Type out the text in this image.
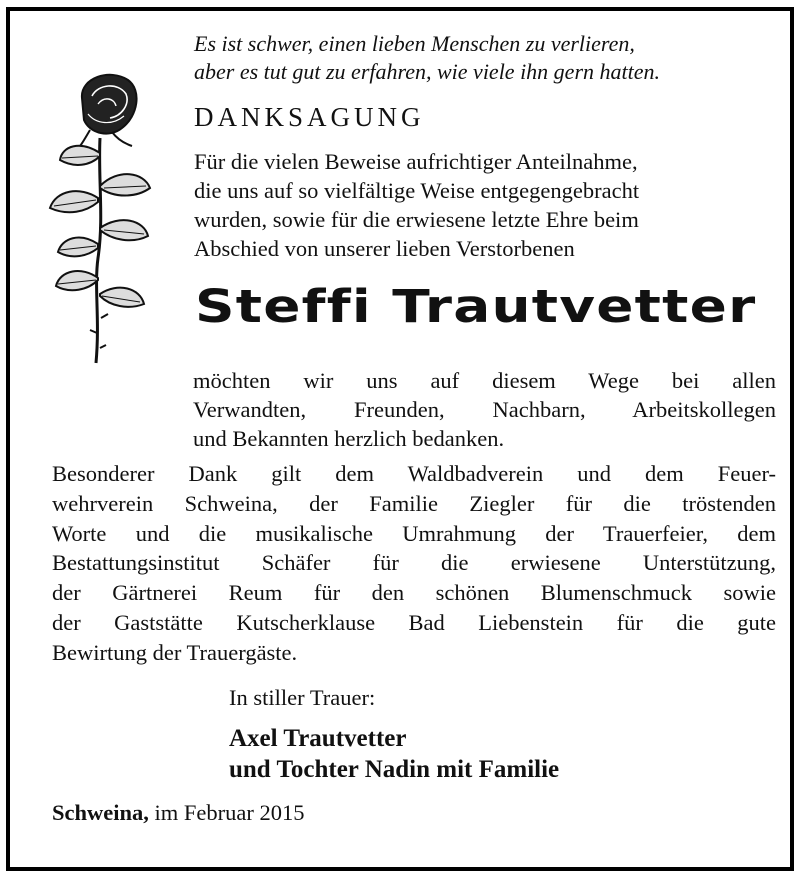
Es ist schwer, einen lieben Menschen zu verlieren,
aber es tut gut zu erfahren, wie viele ihn gern hatten.
DANKSAGUNG
Für die vielen Beweise aufrichtiger Anteilnahme,
die uns auf so vielfältige Weise entgegengebracht
wurden, sowie für die erwiesene letzte Ehre beim
Abschied von unserer lieben Verstorbenen
Steffi Trautvetter
möchten wir uns auf diesem Wege bei allen
Verwandten, Freunden, Nachbarn, Arbeitskollegen
und Bekannten herzlich bedanken.
Besonderer Dank gilt dem Waldbadverein und dem Feuer-
wehrverein Schweina, der Familie Ziegler für die tröstenden
Worte und die musikalische Umrahmung der Trauerfeier, dem
Bestattungsinstitut Schäfer für die erwiesene Unterstützung,
der Gärtnerei Reum für den schönen Blumenschmuck sowie
der Gaststätte Kutscherklause Bad Liebenstein für die gute
Bewirtung der Trauergäste.
In stiller Trauer:
Axel Trautvetter
und Tochter Nadin mit Familie
Schweina, im Februar 2015
